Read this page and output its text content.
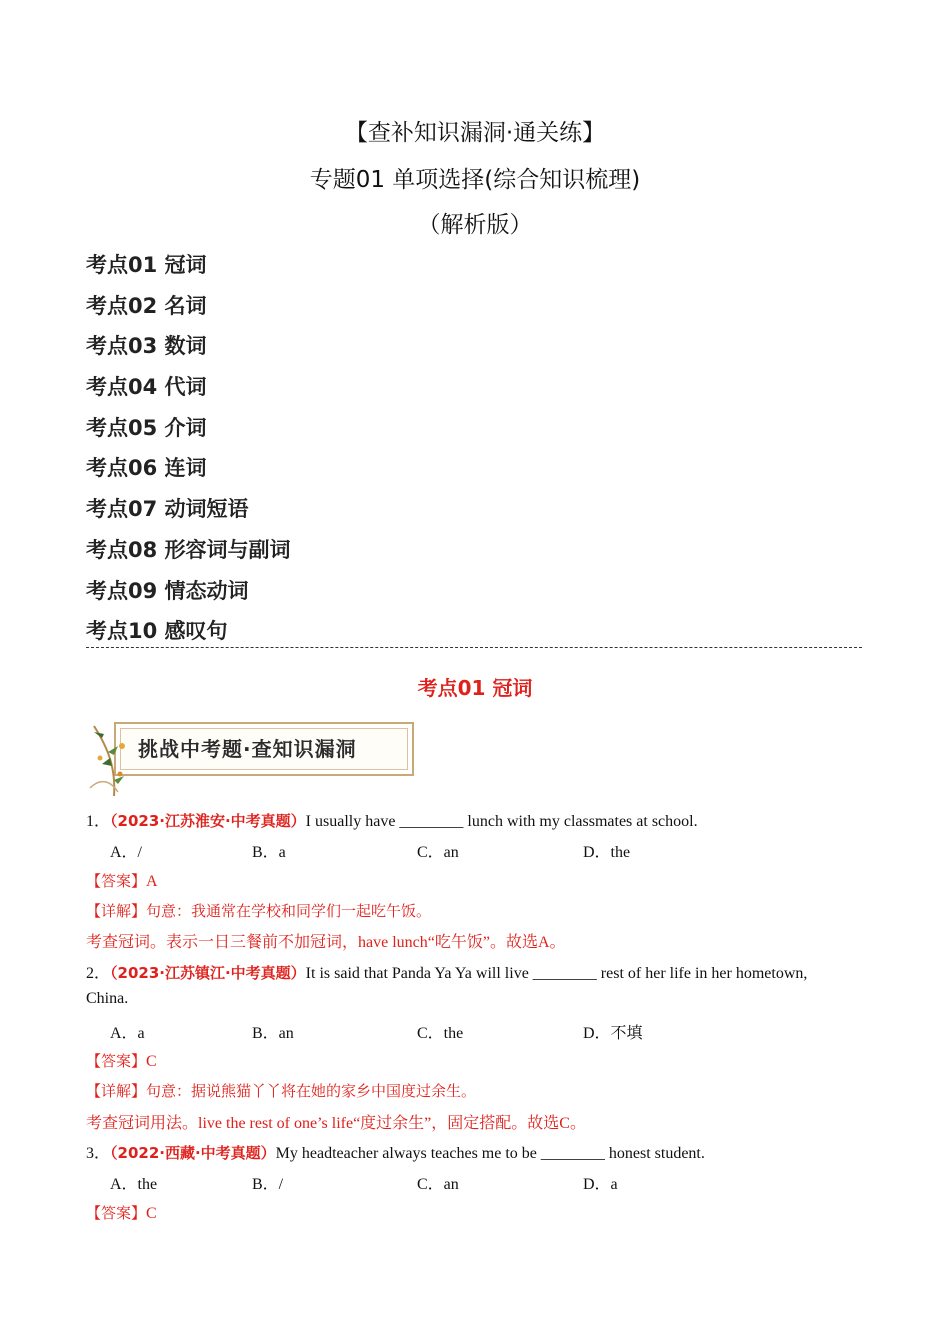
【查补知识漏洞·通关练】
专题01 单项选择(综合知识梳理)
（解析版）
考点01 冠词
考点02 名词
考点03 数词
考点04 代词
考点05 介词
考点06 连词
考点07 动词短语
考点08 形容词与副词
考点09 情态动词
考点10 感叹句
考点01 冠词
挑战中考题·查知识漏洞
1．（2023·江苏淮安·中考真题）I usually have ________ lunch with my classmates at school.
A．/	B．a	C．an	D．the
【答案】A
【详解】句意：我通常在学校和同学们一起吃午饭。
考查冠词。表示一日三餐前不加冠词，have lunch“吃午饭”。故选A。
2．（2023·江苏镇江·中考真题）It is said that Panda Ya Ya will live ________ rest of her life in her hometown,
China.
A．a	B．an	C．the	D．不填
【答案】C
【详解】句意：据说熊猫丫丫将在她的家乡中国度过余生。
考查冠词用法。live the rest of one’s life“度过余生”，固定搭配。故选C。
3．（2022·西藏·中考真题）My headteacher always teaches me to be ________ honest student.
A．the	B．/	C．an	D．a
【答案】C
